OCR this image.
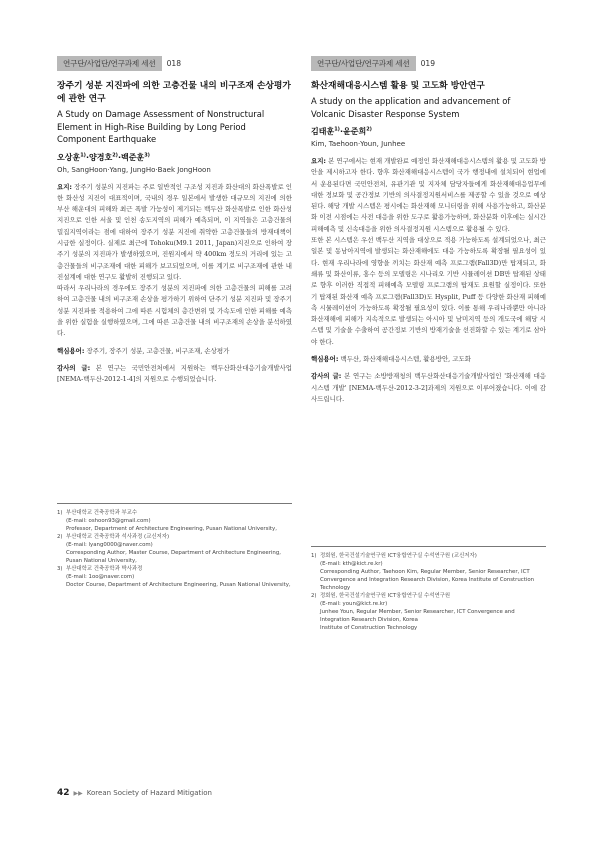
연구단/사업단/연구과제 세션	018

장주기 성분 지진파에 의한 고층건물 내의 비구조재 손상평가에 관한 연구

A Study on Damage Assessment of Nonstructural Element in High-Rise Building by Long Period Component Earthquake

오상훈$^{1)}$·양경호$^{2)}$·백준훈$^{3)}$
Oh, SangHoon·Yang, JungHo·Baek JongHoon

요지: 장주기 성분의 지진파는 주로 일반적인 구조성 지진과 화산대의 화산폭발로 인한 화산성 지진이 대표적이며, 국내의 경우 일본에서 발생한 대규모의 지진에 의한 부산 해운대의 피해와 최근 폭발 가능성이 제기되는 백두산 화산폭발로 인한 화산성 지진으로 인한 서울 및 인천 송도지역의 피해가 예측되며, 이 지역들은 고층건물의 밀집지역이라는 점에 대하여 장주기 성분 지진에 취약한 고층건물들의 방재대책이 시급한 실정이다. 실제로 최근에 Tohoku(M9.1 2011, Japan)지진으로 인하여 장주기 성분의 지진파가 발생하였으며, 진원지에서 약 400km 정도의 거리에 있는 고층건물들의 비구조재에 대한 피해가 보고되었으며, 이를 계기로 비구조재에 관한 내진설계에 대한 연구도 활발히 진행되고 있다.

따라서 우리나라의 경우에도 장주기 성분의 지진파에 의한 고층건물의 피해를 고려하여 고층건물 내의 비구조재 손상을 평가하기 위하여 단주기 성분 지진파 및 장주기 성분 지진파를 적용하여 그에 따른 시험체의 층간변위 및 가속도에 인한 피해를 예측을 위한 실험을 실행하였으며, 그에 따른 고층건물 내의 비구조재의 손상을 분석하였다.

핵심용어: 장주기, 장주기 성분, 고층건물, 비구조재, 손상평가
감사의 글: 본 연구는 국민안전처에서 지원하는 백두산화산대응기술개발사업[NEMA-백두산-2012-1-4]의 지원으로 수행되었습니다.
1) 부산대학교 건축공학과 부교수
(E-mail: oshoon93@gmail.com)
Professor, Department of Architecture Engineering, Pusan National University,
2) 부산대학교 건축공학과 석사과정 (교신저자)
(E-mail: lyang0000@naver.com)
Corresponding Author, Master Course, Department of Architecture Engineering, Pusan National University,
3) 부산대학교 건축공학과 박사과정
(E-mail: 1oo@naver.com)
Doctor Course, Department of Architecture Engineering, Pusan National University,
연구단/사업단/연구과제 세션	019

화산재해대응시스템 활용 및 고도화 방안연구

A study on the application and advancement of Volcanic Disaster Response System

김태훈$^{1)}$·윤준희$^{2)}$
Kim, Taehoon·Youn, Junhee

요지: 본 연구에서는 현재 개발완료 예정인 화산재해대응시스템의 활용 및 고도화 방안을 제시하고자 한다. 향후 화산재해대응시스템이 국가 행정내에 설치되어 현업에서 운용된다면 국민안전처, 유관기관 및 지자체 담당자들에게 화산재해대응업무에 대한 정보화 및 공간정보 기반의 의사결정지원서비스를 제공할 수 있을 것으로 예상된다. 해당 개발 시스템은 평시에는 화산재해 모니터링을 위해 사용가능하고, 화산분화 이전 시점에는 사전 대응을 위한 도구로 활용가능하며, 화산분화 이후에는 실시간 피해예측 및 신속대응을 위한 의사결정지원 시스템으로 활용될 수 있다.

또한 본 시스템은 우선 백두산 지역을 대상으로 적용 가능하도록 설계되었으나, 최근 일본 및 동남아지역에 발생되는 화산재해에도 대응 가능하도록 확장될 필요성이 있다. 현재 우리나라에 영향을 끼치는 화산재 예측 프로그램(Fall3D)만 탑재되고, 화쇄류 및 화산이류, 홍수 등의 모델링은 시나리오 기반 시뮬레이션 DB만 탑재된 상태로 향후 이러한 직접적 피해예측 모델링 프로그램의 탑재도 요원할 실정이다. 또한 기 탑재된 화산재 예측 프로그램(Fall3D)도 Hysplit, Puff 등 다양한 화산재 피해예측 시뮬레이션이 가능하도록 확장될 필요성이 있다. 이를 통해 우리나라뿐만 아니라 화산재해에 피해가 지속적으로 발생되는 아시아 및 남미지역 등의 개도국에 해당 시스템 및 기술을 수출하여 공간정보 기반의 방재기술을 선진화할 수 있는 계기로 삼아야 한다.

핵심용어: 백두산, 화산재해대응시스템, 활용방안, 고도화
감사의 글: 본 연구는 소방방재청의 백두산화산대응기술개발사업인 '화산재해 대응시스템 개발' [NEMA-백두산-2012-3-2]과제의 지원으로 이루어졌습니다. 이에 감사드립니다.
1) 정회원, 한국건설기술연구원 ICT융합연구실 수석연구원 (교신저자)
(E-mail: kth@kict.re.kr)
Corresponding Author, Taehoon Kim, Regular Member, Senior Researcher, ICT Convergence and Integration Research Division, Korea Institute of Construction Technology
2) 정회원, 한국건설기술연구원 ICT융합연구실 수석연구원
(E-mail: youn@kict.re.kr)
Junhee Youn, Regular Member, Senior Researcher, ICT Convergence and Integration Research Division, Korea
Institute of Construction Technology
42 ▶▶ Korean Society of Hazard Mitigation
